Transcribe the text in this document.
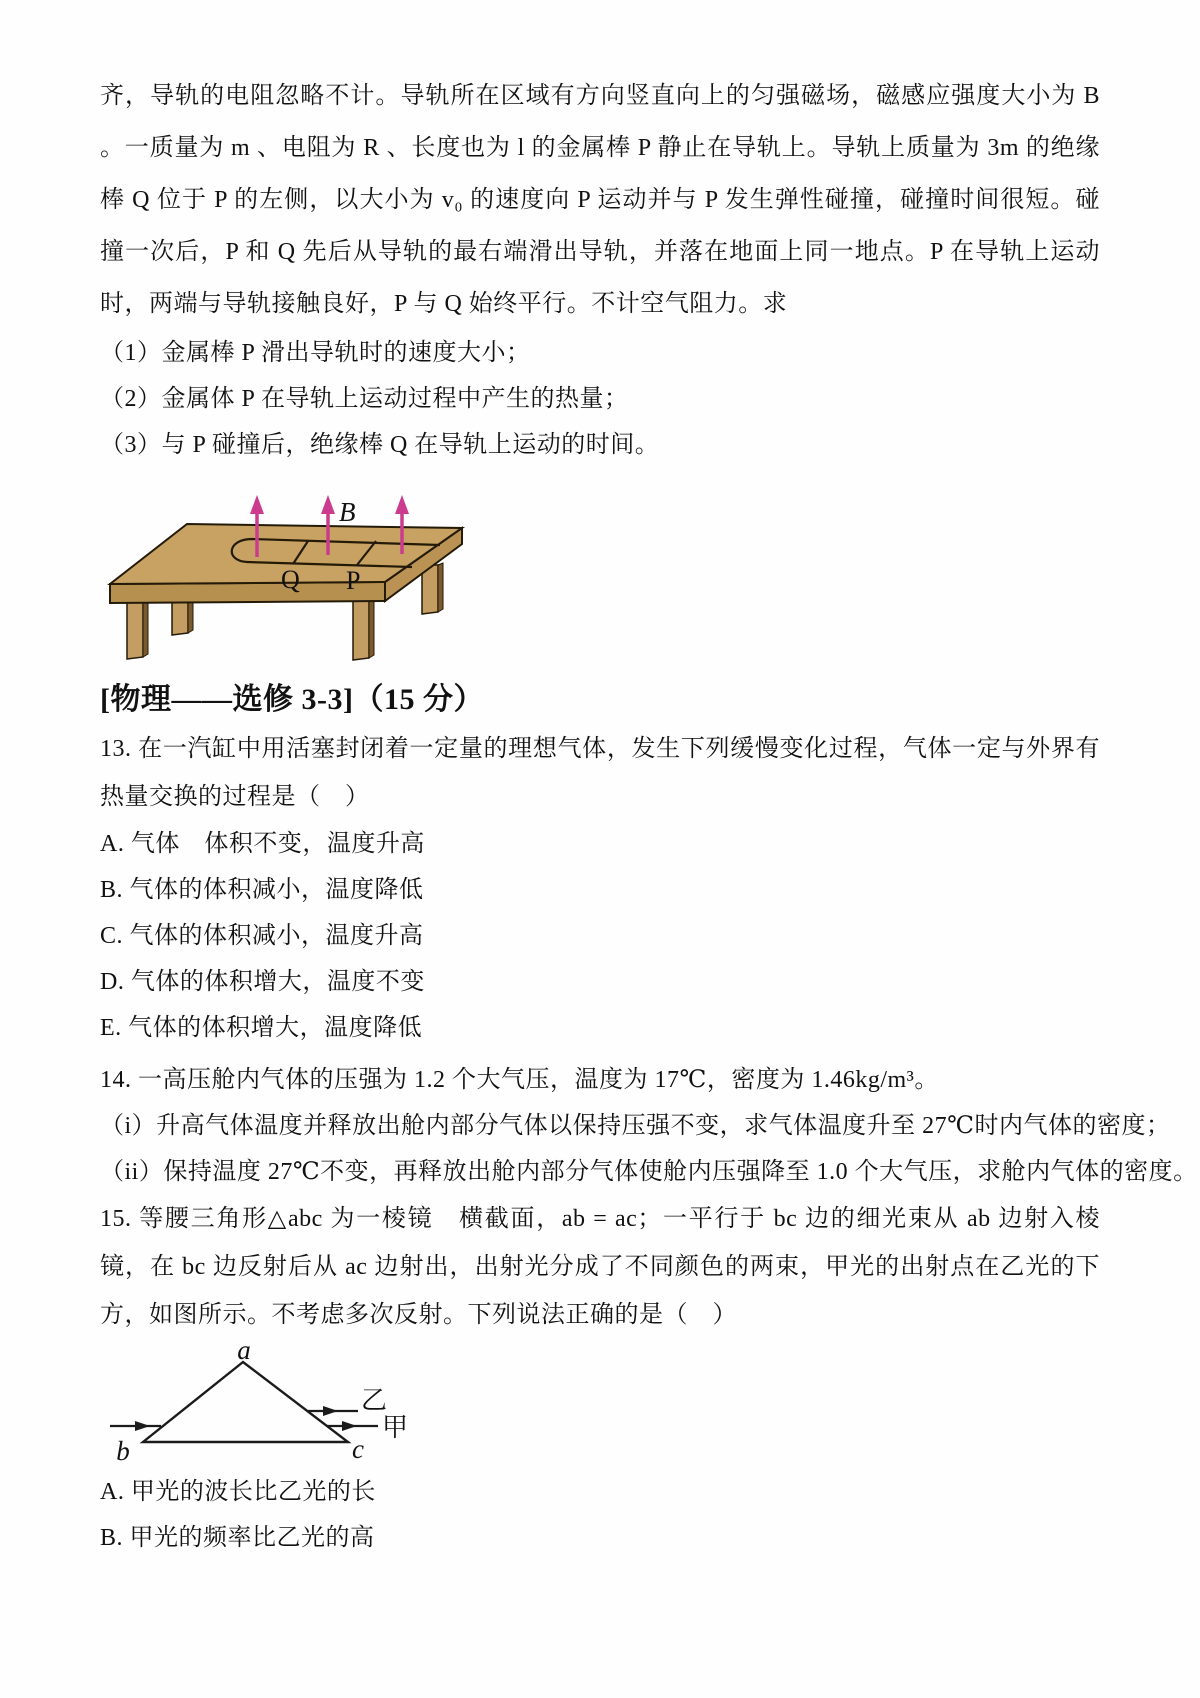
齐，导轨的电阻忽略不计。导轨所在区域有方向竖直向上的匀强磁场，磁感应强度大小为 B 。一质量为 m 、电阻为 R 、长度也为 l 的金属棒 P 静止在导轨上。导轨上质量为 3m 的绝缘棒 Q 位于 P 的左侧，以大小为 v₀ 的速度向 P 运动并与 P 发生弹性碰撞，碰撞时间很短。碰撞一次后，P 和 Q 先后从导轨的最右端滑出导轨，并落在地面上同一地点。P 在导轨上运动时，两端与导轨接触良好，P 与 Q 始终平行。不计空气阻力。求

（1）金属棒 P 滑出导轨时的速度大小；

（2）金属体 P 在导轨上运动过程中产生的热量；

（3）与 P 碰撞后，绝缘棒 Q 在导轨上运动的时间。

Q P
B
[物理——选修 3-3]（15 分）

13. 在一汽缸中用活塞封闭着一定量的理想气体，发生下列缓慢变化过程，气体一定与外界有热量交换的过程是（　）

A. 气体　体积不变，温度升高

B. 气体的体积减小，温度降低

C. 气体的体积减小，温度升高

D. 气体的体积增大，温度不变

E. 气体的体积增大，温度降低

14. 一高压舱内气体的压强为 1.2 个大气压，温度为 17℃，密度为 1.46kg/m³。

（i）升高气体温度并释放出舱内部分气体以保持压强不变，求气体温度升至 27℃时内气体的密度；

（ii）保持温度 27℃不变，再释放出舱内部分气体使舱内压强降至 1.0 个大气压，求舱内气体的密度。

15. 等腰三角形△abc 为一棱镜　横截面，ab = ac；一平行于 bc 边的细光束从 ab 边射入棱镜，在 bc 边反射后从 ac 边射出，出射光分成了不同颜色的两束，甲光的出射点在乙光的下方，如图所示。不考虑多次反射。下列说法正确的是（　）

a
b	c
乙
甲

A. 甲光的波长比乙光的长

B. 甲光的频率比乙光的高
